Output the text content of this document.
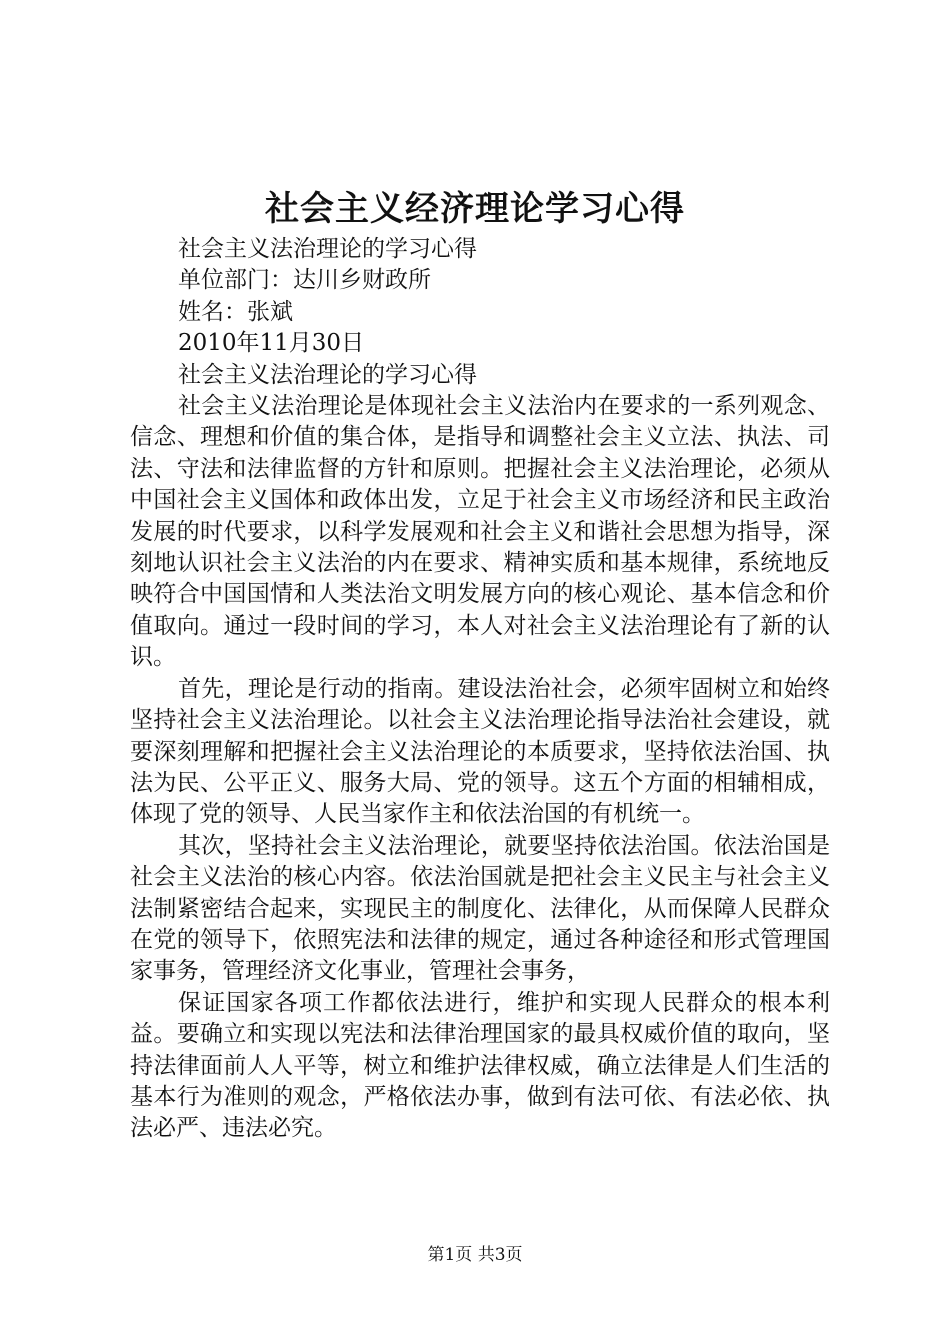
社会主义经济理论学习心得

社会主义法治理论的学习心得

单位部门：达川乡财政所

姓名：张斌

2010年11月30日

社会主义法治理论的学习心得

社会主义法治理论是体现社会主义法治内在要求的一系列观念、信念、理想和价值的集合体，是指导和调整社会主义立法、执法、司法、守法和法律监督的方针和原则。把握社会主义法治理论，必须从中国社会主义国体和政体出发，立足于社会主义市场经济和民主政治发展的时代要求，以科学发展观和社会主义和谐社会思想为指导，深刻地认识社会主义法治的内在要求、精神实质和基本规律，系统地反映符合中国国情和人类法治文明发展方向的核心观论、基本信念和价值取向。通过一段时间的学习，本人对社会主义法治理论有了新的认识。

首先，理论是行动的指南。建设法治社会，必须牢固树立和始终坚持社会主义法治理论。以社会主义法治理论指导法治社会建设，就要深刻理解和把握社会主义法治理论的本质要求，坚持依法治国、执法为民、公平正义、服务大局、党的领导。这五个方面的相辅相成，体现了党的领导、人民当家作主和依法治国的有机统一。

其次，坚持社会主义法治理论，就要坚持依法治国。依法治国是社会主义法治的核心内容。依法治国就是把社会主义民主与社会主义法制紧密结合起来，实现民主的制度化、法律化，从而保障人民群众在党的领导下，依照宪法和法律的规定，通过各种途径和形式管理国家事务，管理经济文化事业，管理社会事务，

保证国家各项工作都依法进行，维护和实现人民群众的根本利益。要确立和实现以宪法和法律治理国家的最具权威价值的取向，坚持法律面前人人平等，树立和维护法律权威，确立法律是人们生活的基本行为准则的观念，严格依法办事，做到有法可依、有法必依、执法必严、违法必究。

第1页 共3页
